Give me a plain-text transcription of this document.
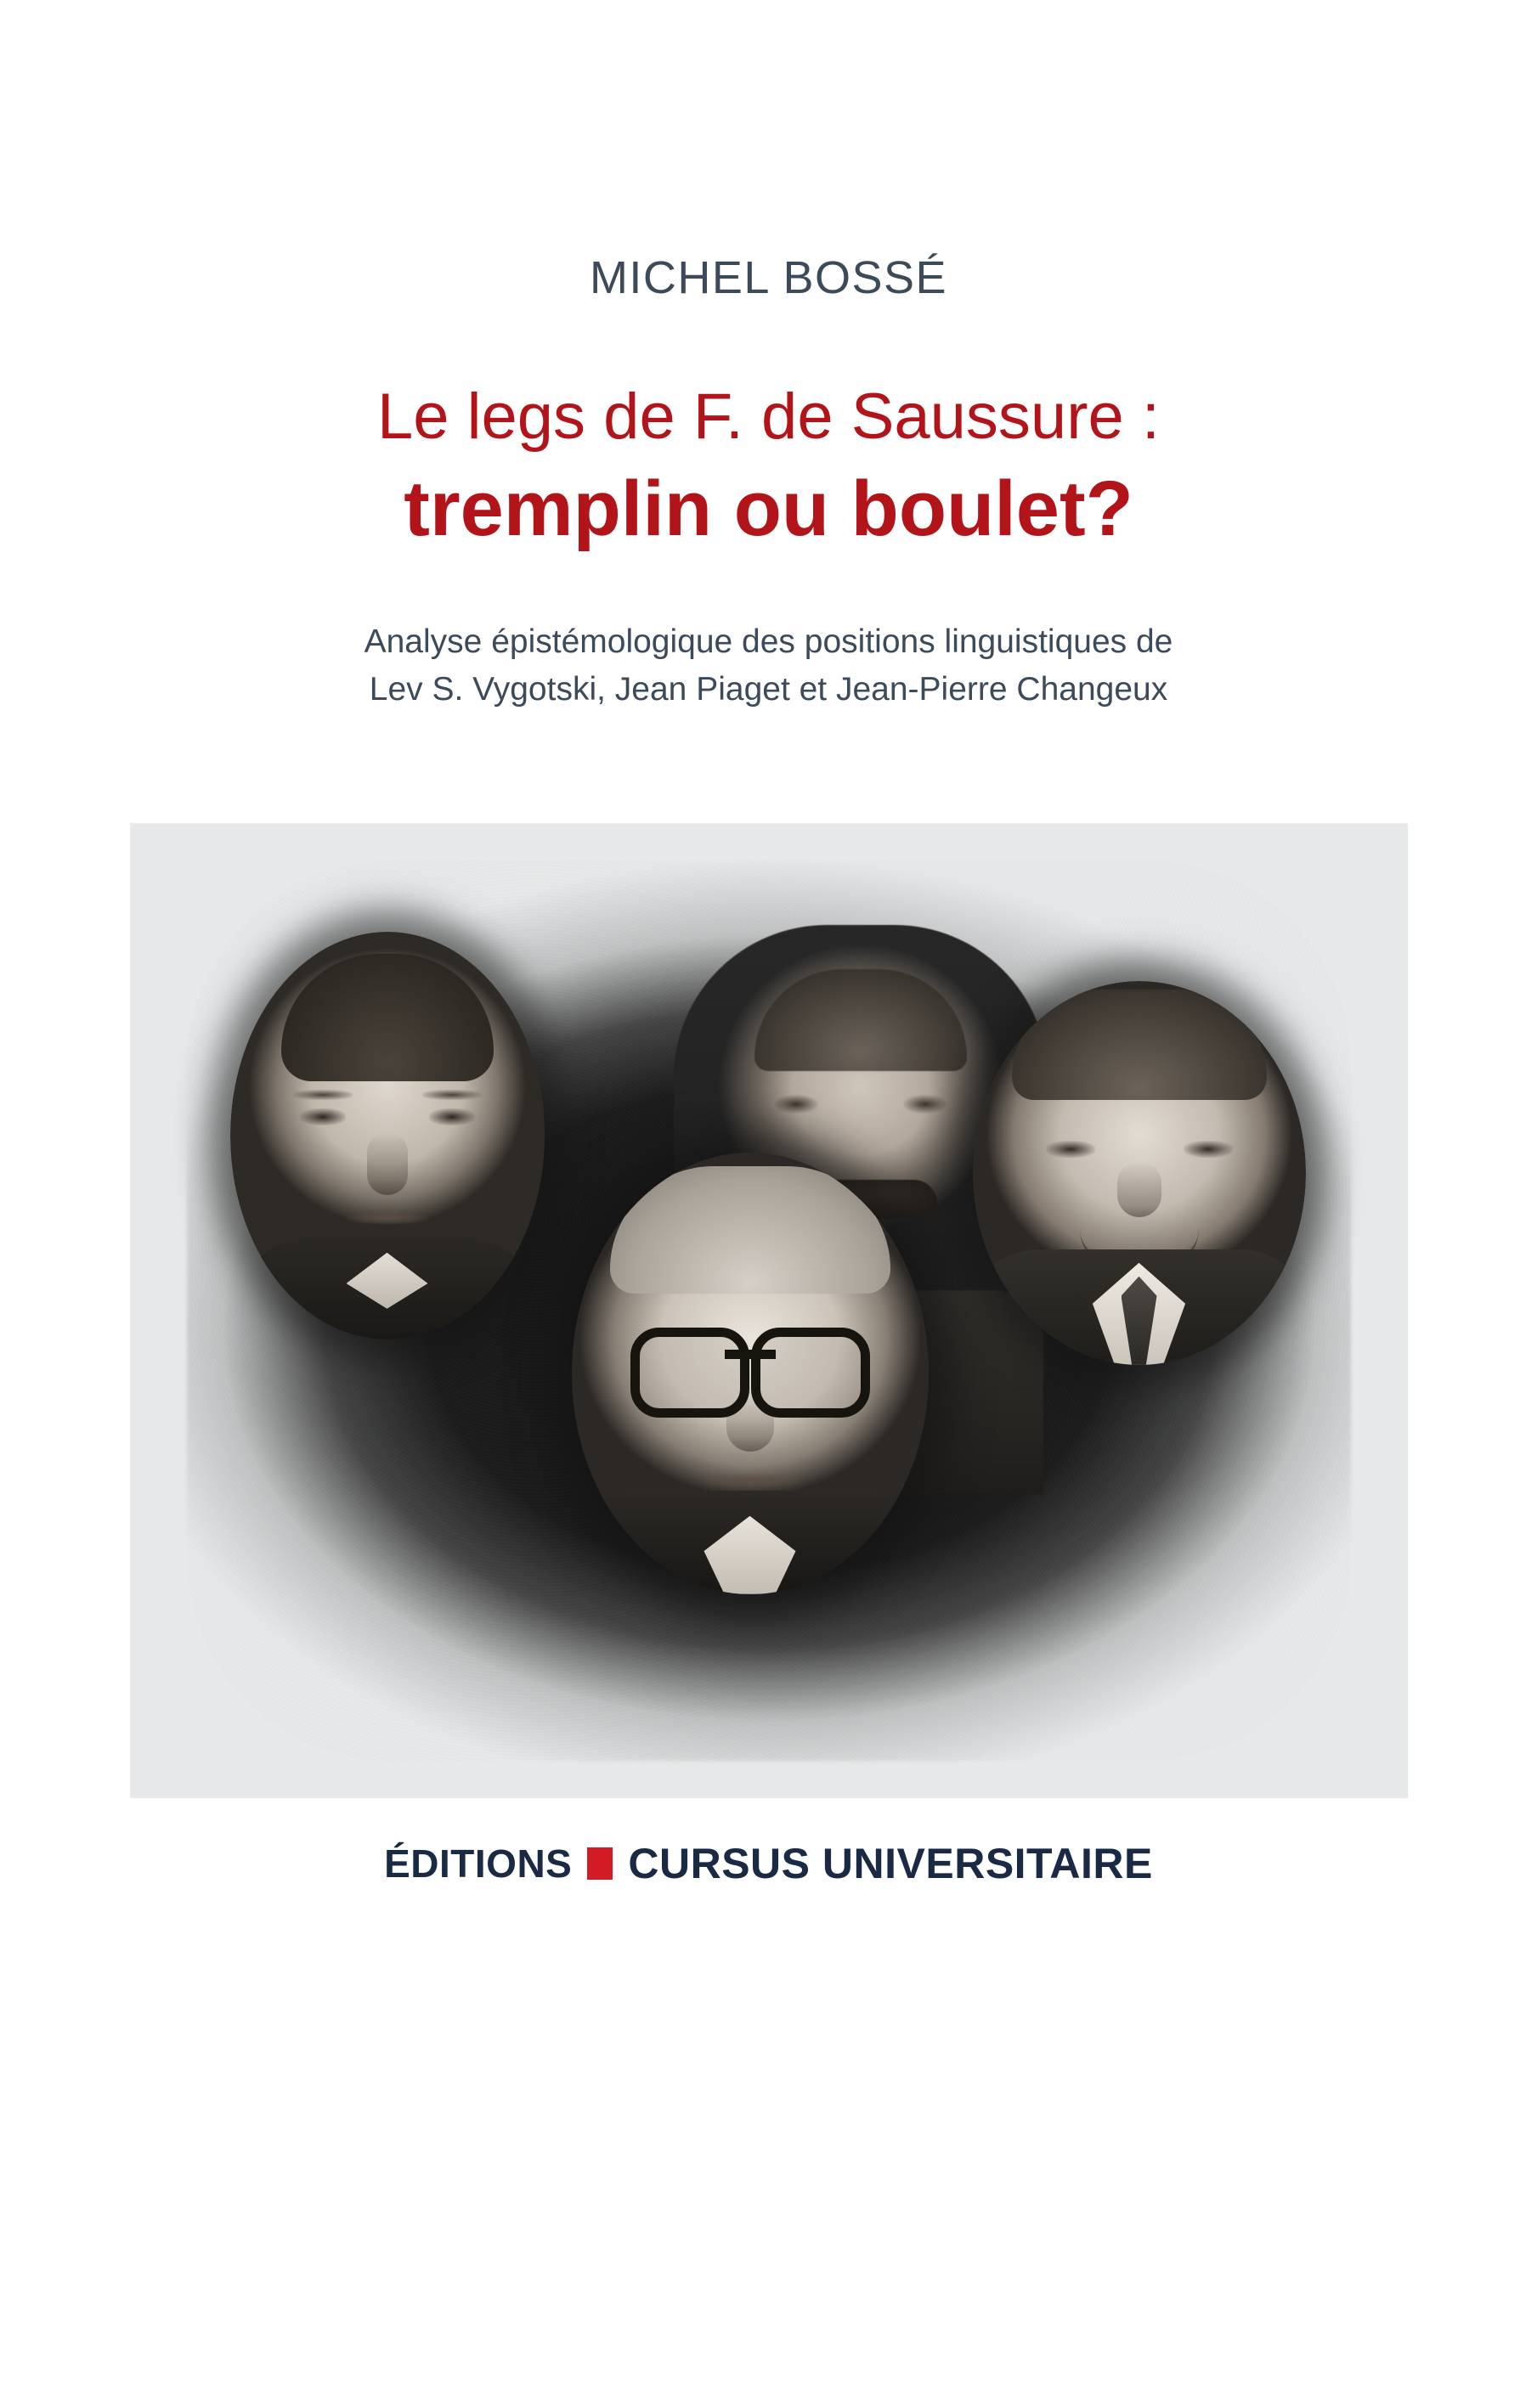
MICHEL BOSSÉ
Le legs de F. de Saussure :
tremplin ou boulet?
Analyse épistémologique des positions linguistiques de
Lev S. Vygotski, Jean Piaget et Jean-Pierre Changeux
ÉDITIONS CURSUS UNIVERSITAIRE
